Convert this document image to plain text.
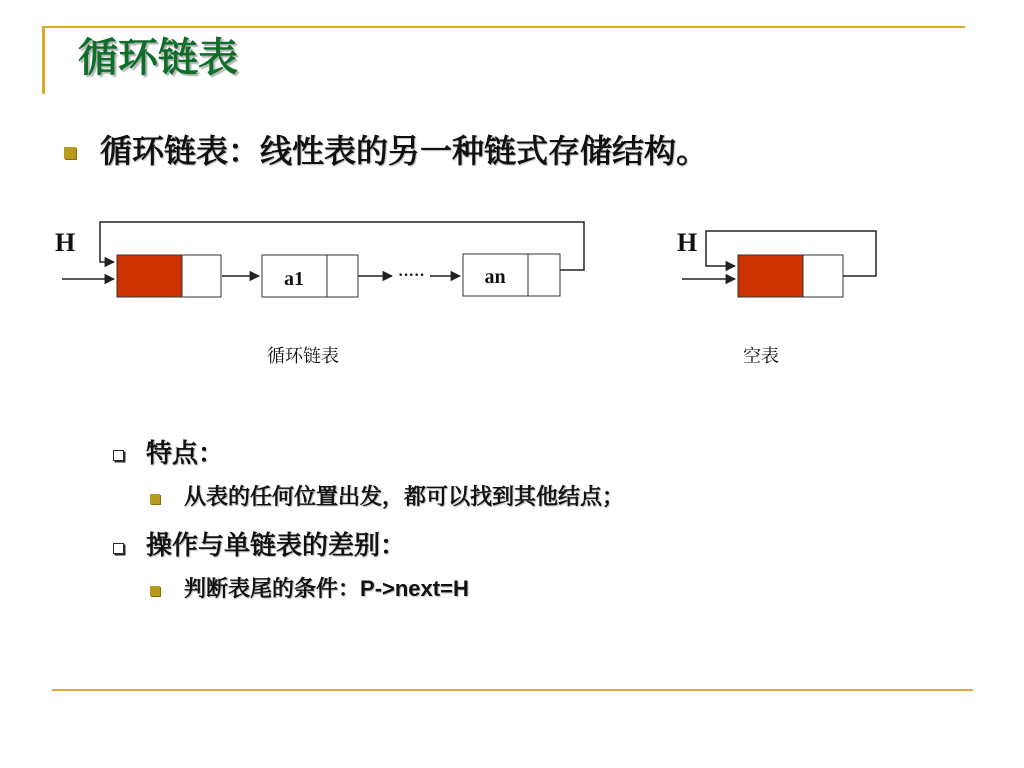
循环链表
循环链表：线性表的另一种链式存储结构。
H
a1	·····	an
H
循环链表	空表
特点：
从表的任何位置出发，都可以找到其他结点；
操作与单链表的差别：
判断表尾的条件：P->next=H
